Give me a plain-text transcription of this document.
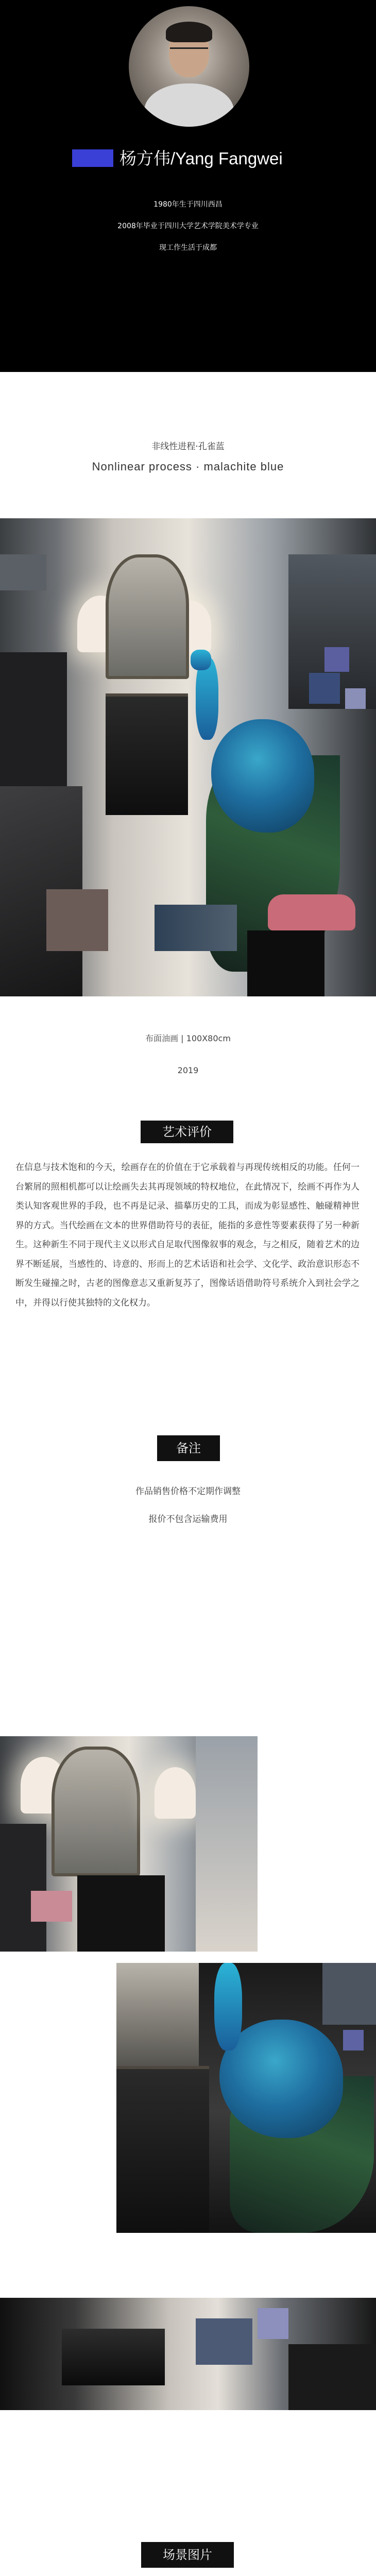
杨方伟/Yang Fangwei
1980年生于四川西昌
2008年毕业于四川大学艺术学院美术学专业
现工作生活于成都
非线性进程·孔雀蓝
Nonlinear process · malachite blue
布面油画 | 100X80cm
2019
艺术评价
在信息与技术饱和的今天，绘画存在的价值在于它承载着与再现传统相反的功能。任何一台繁屑的照相机都可以让绘画失去其再现领域的特权地位，在此情况下，绘画不再作为人类认知客观世界的手段，也不再是记录、描摹历史的工具，而成为彰显感性、触碰精神世界的方式。当代绘画在文本的世界借助符号的表征，能指的多意性等要素获得了另一种新生。这种新生不同于现代主义以形式自足取代图像叙事的观念，与之相反，随着艺术的边界不断延展，当感性的、诗意的、形而上的艺术话语和社会学、文化学、政治意识形态不断发生碰撞之时，古老的图像意志又重新复苏了，图像话语借助符号系统介入到社会学之中，并得以行使其独特的文化权力。
备注
作品销售价格不定期作调整
报价不包含运输费用
场景图片
